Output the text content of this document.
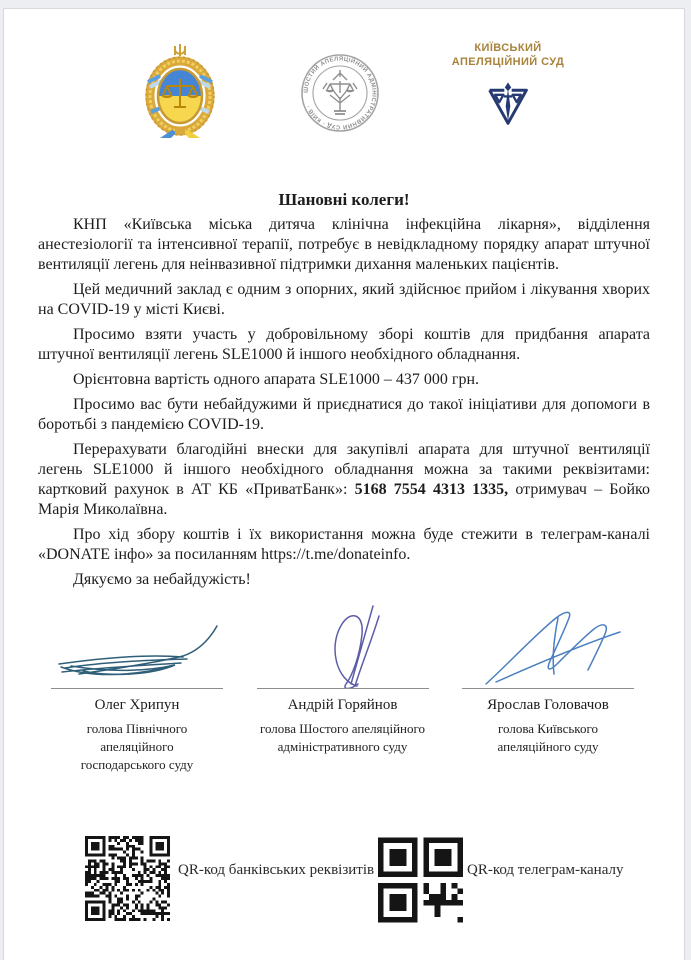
ШОСТИЙ АПЕЛЯЦІЙНИЙ АДМІНІСТРАТИВНИЙ СУД · КИЇВ ·
КИЇВСЬКИЙ
АПЕЛЯЦІЙНИЙ СУД
Шановні колеги!

КНП «Київська міська дитяча клінічна інфекційна лікарня», відділення анестезіології та інтенсивної терапії, потребує в невідкладному порядку апарат штучної вентиляції легень для неінвазивної підтримки дихання маленьких пацієнтів.

Цей медичний заклад є одним з опорних, який здійснює прийом і лікування хворих на COVID-19 у місті Києві.

Просимо взяти участь у добровільному зборі коштів для придбання апарата штучної вентиляції легень SLE1000 й іншого необхідного обладнання.

Орієнтовна вартість одного апарата SLE1000 – 437 000 грн.

Просимо вас бути небайдужими й приєднатися до такої ініціативи для допомоги в боротьбі з пандемією COVID-19.

Перерахувати благодійні внески для закупівлі апарата для штучної вентиляції легень SLE1000 й іншого необхідного обладнання можна за такими реквізитами: картковий рахунок в АТ КБ «ПриватБанк»: 5168 7554 4313 1335, отримувач – Бойко Марія Миколаївна.

Про хід збору коштів і їх використання можна буде стежити в телеграм-каналі «DONATE інфо» за посиланням https://t.me/donateinfo.

Дякуємо за небайдужість!

Олег Хрипун
голова Північного апеляційного
господарського суду
Андрій Горяйнов
голова Шостого апеляційного
адміністративного суду
Ярослав Головачов
голова Київського
апеляційного суду
QR-код банківських реквізитів	QR-код телеграм-каналу
